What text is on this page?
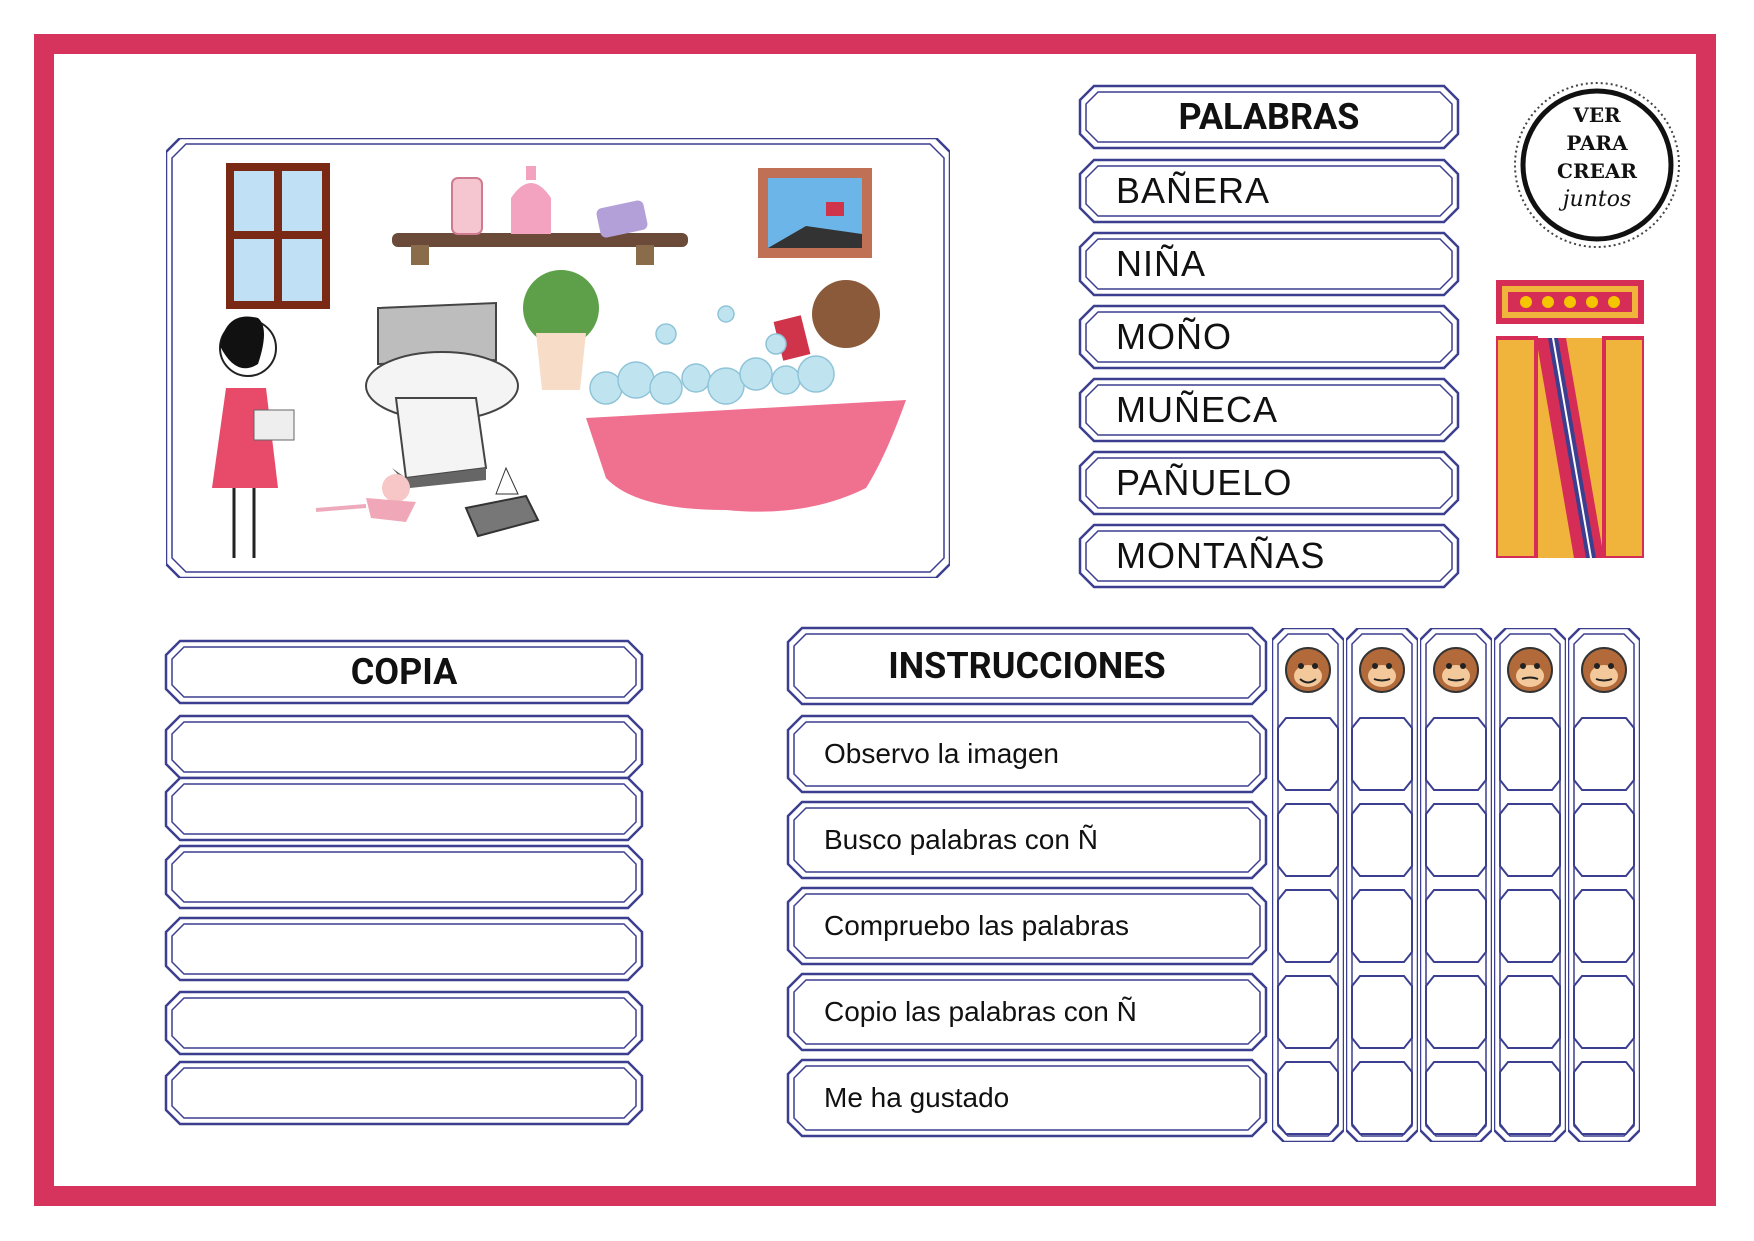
VER
PARA
CREAR
juntos
PALABRAS
BAÑERA
NIÑA
MOÑO
MUÑECA
PAÑUELO
MONTAÑAS
COPIA	INSTRUCCIONES
Observo la imagen
Busco palabras con Ñ
Compruebo las palabras
Copio las palabras con Ñ
Me ha gustado
